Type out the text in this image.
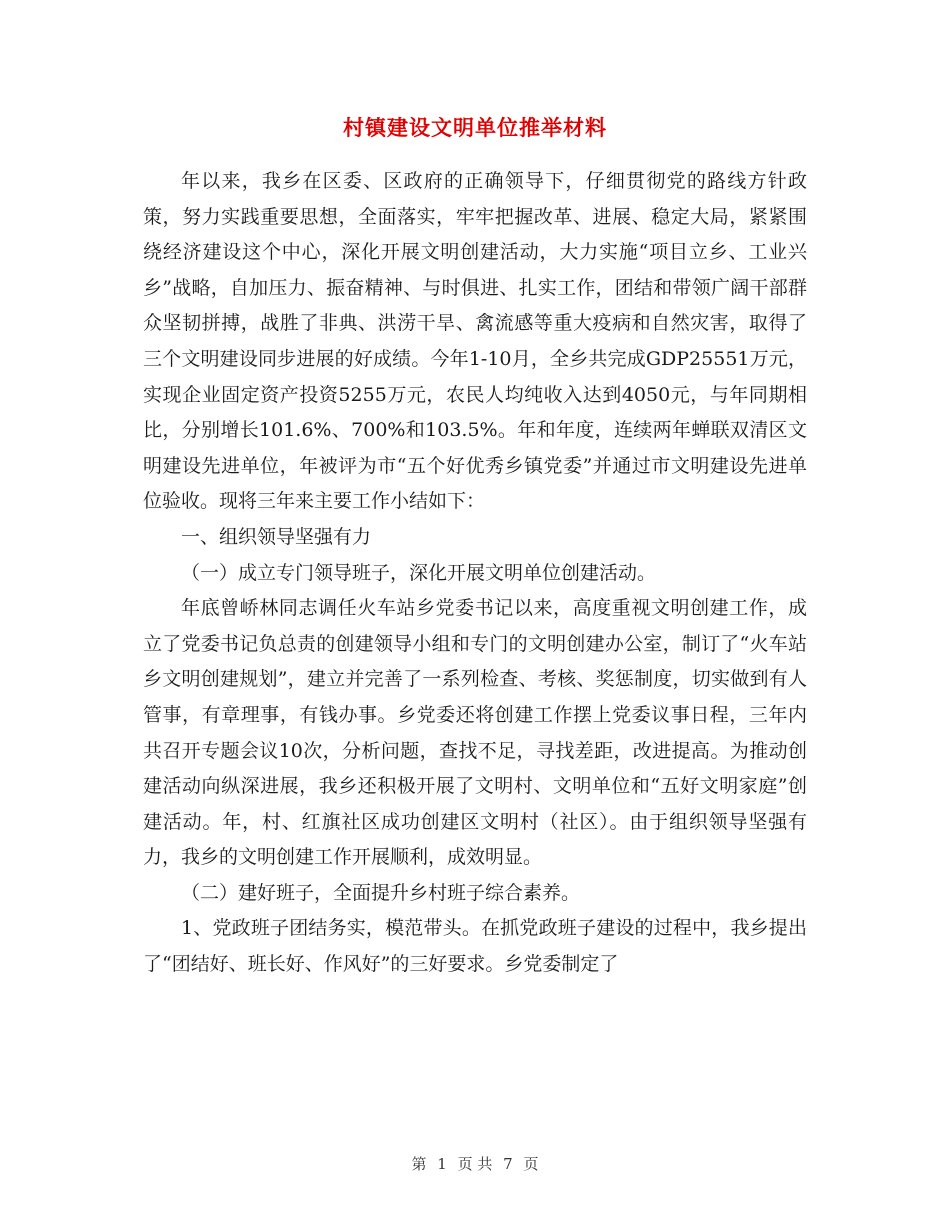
村镇建设文明单位推举材料

年以来，我乡在区委、区政府的正确领导下，仔细贯彻党的路线方针政策，努力实践重要思想，全面落实，牢牢把握改革、进展、稳定大局，紧紧围绕经济建设这个中心，深化开展文明创建活动，大力实施“项目立乡、工业兴乡”战略，自加压力、振奋精神、与时俱进、扎实工作，团结和带领广阔干部群众坚韧拼搏，战胜了非典、洪涝干旱、禽流感等重大疫病和自然灾害，取得了三个文明建设同步进展的好成绩。今年1-10月，全乡共完成GDP25551万元，实现企业固定资产投资5255万元，农民人均纯收入达到4050元，与年同期相比，分别增长101.6%、700%和103.5%。年和年度，连续两年蝉联双清区文明建设先进单位，年被评为市“五个好优秀乡镇党委”并通过市文明建设先进单位验收。现将三年来主要工作小结如下：

一、组织领导坚强有力

（一）成立专门领导班子，深化开展文明单位创建活动。

年底曾峤林同志调任火车站乡党委书记以来，高度重视文明创建工作，成立了党委书记负总责的创建领导小组和专门的文明创建办公室，制订了“火车站乡文明创建规划”，建立并完善了一系列检查、考核、奖惩制度，切实做到有人管事，有章理事，有钱办事。乡党委还将创建工作摆上党委议事日程，三年内共召开专题会议10次，分析问题，查找不足，寻找差距，改进提高。为推动创建活动向纵深进展，我乡还积极开展了文明村、文明单位和“五好文明家庭”创建活动。年，村、红旗社区成功创建区文明村（社区）。由于组织领导坚强有力，我乡的文明创建工作开展顺利，成效明显。

（二）建好班子，全面提升乡村班子综合素养。

1、党政班子团结务实，模范带头。在抓党政班子建设的过程中，我乡提出了“团结好、班长好、作风好”的三好要求。乡党委制定了

第 1 页 共 7 页
